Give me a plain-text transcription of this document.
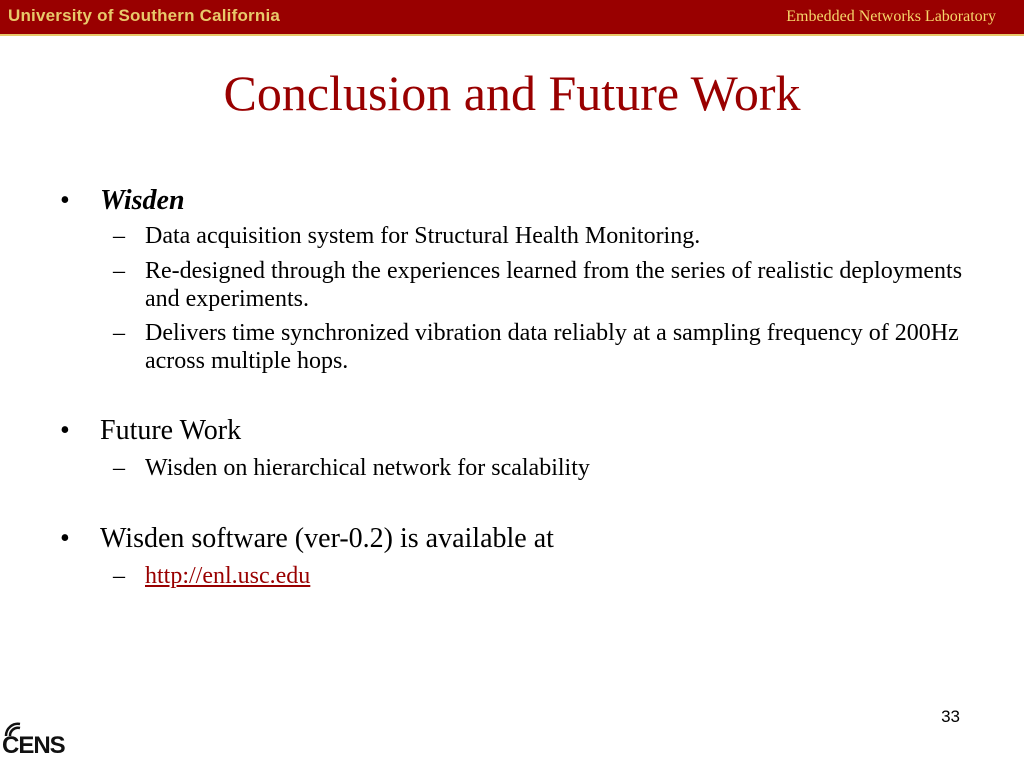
University of Southern California	Embedded Networks Laboratory
Conclusion and Future Work
•	Wisden
– Data acquisition system for Structural Health Monitoring.
– Re-designed through the experiences learned from the series of realistic deployments and experiments.
– Delivers time synchronized vibration data reliably at a sampling frequency of 200Hz across multiple hops.
•	Future Work
– Wisden on hierarchical network for scalability
•	Wisden software (ver-0.2) is available at
– http://enl.usc.edu
33
CENS
